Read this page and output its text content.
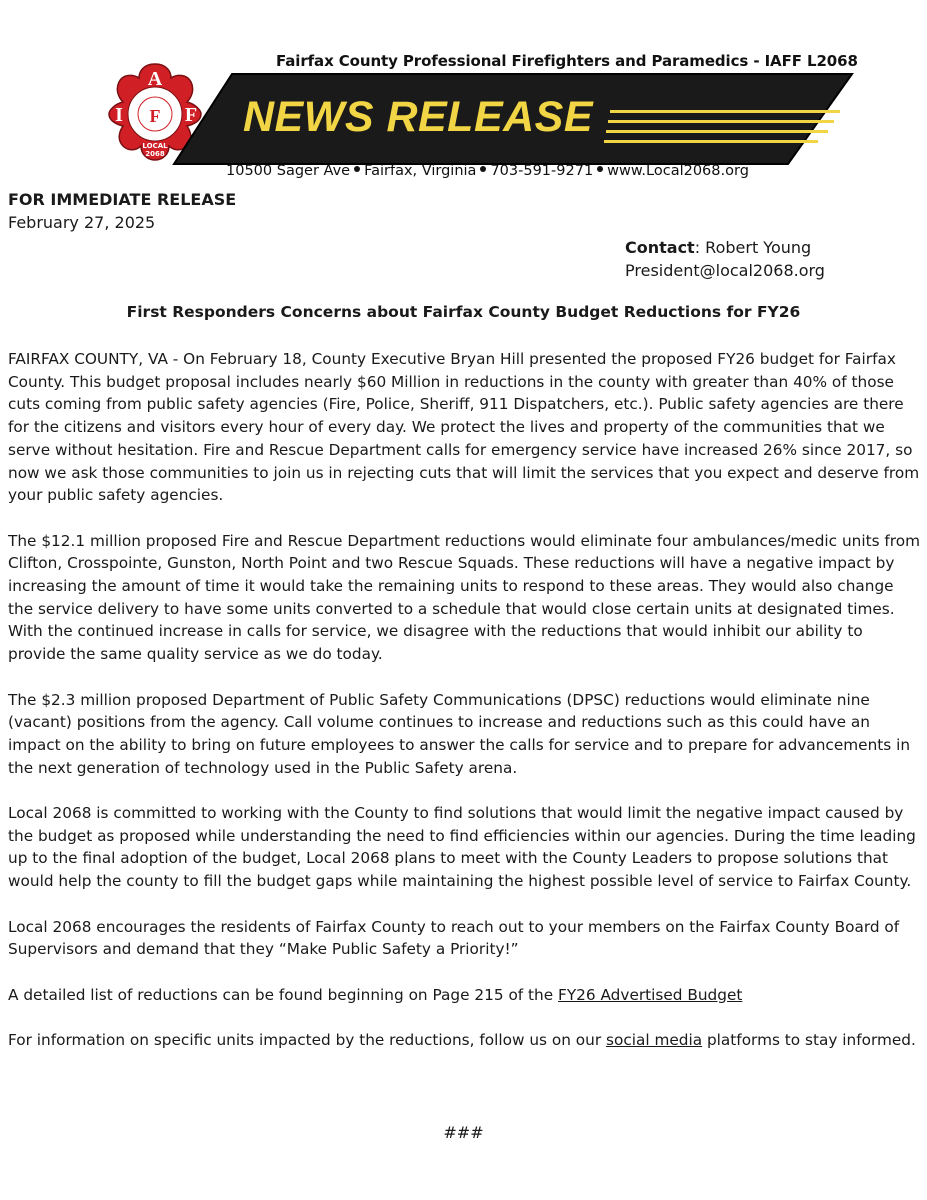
A
I	F
F
LOCAL
2068
Fairfax County Professional Firefighters and Paramedics - IAFF L2068
NEWS RELEASE
10500 Sager Ave Fairfax, Virginia 703-591-9271 www.Local2068.org
FOR IMMEDIATE RELEASE
February 27, 2025
Contact: Robert Young
President@local2068.org
First Responders Concerns about Fairfax County Budget Reductions for FY26

FAIRFAX COUNTY, VA - On February 18, County Executive Bryan Hill presented the proposed FY26 budget for Fairfax County. This budget proposal includes nearly $60 Million in reductions in the county with greater than 40% of those cuts coming from public safety agencies (Fire, Police, Sheriff, 911 Dispatchers, etc.). Public safety agencies are there for the citizens and visitors every hour of every day. We protect the lives and property of the communities that we serve without hesitation. Fire and Rescue Department calls for emergency service have increased 26% since 2017, so now we ask those communities to join us in rejecting cuts that will limit the services that you expect and deserve from your public safety agencies.

The $12.1 million proposed Fire and Rescue Department reductions would eliminate four ambulances/medic units from Clifton, Crosspointe, Gunston, North Point and two Rescue Squads. These reductions will have a negative impact by increasing the amount of time it would take the remaining units to respond to these areas. They would also change the service delivery to have some units converted to a schedule that would close certain units at designated times. With the continued increase in calls for service, we disagree with the reductions that would inhibit our ability to provide the same quality service as we do today.

The $2.3 million proposed Department of Public Safety Communications (DPSC) reductions would eliminate nine (vacant) positions from the agency. Call volume continues to increase and reductions such as this could have an impact on the ability to bring on future employees to answer the calls for service and to prepare for advancements in the next generation of technology used in the Public Safety arena.

Local 2068 is committed to working with the County to find solutions that would limit the negative impact caused by the budget as proposed while understanding the need to find efficiencies within our agencies. During the time leading up to the final adoption of the budget, Local 2068 plans to meet with the County Leaders to propose solutions that would help the county to fill the budget gaps while maintaining the highest possible level of service to Fairfax County.

Local 2068 encourages the residents of Fairfax County to reach out to your members on the Fairfax County Board of Supervisors and demand that they “Make Public Safety a Priority!”

A detailed list of reductions can be found beginning on Page 215 of the FY26 Advertised Budget

For information on specific units impacted by the reductions, follow us on our social media platforms to stay informed.

###
